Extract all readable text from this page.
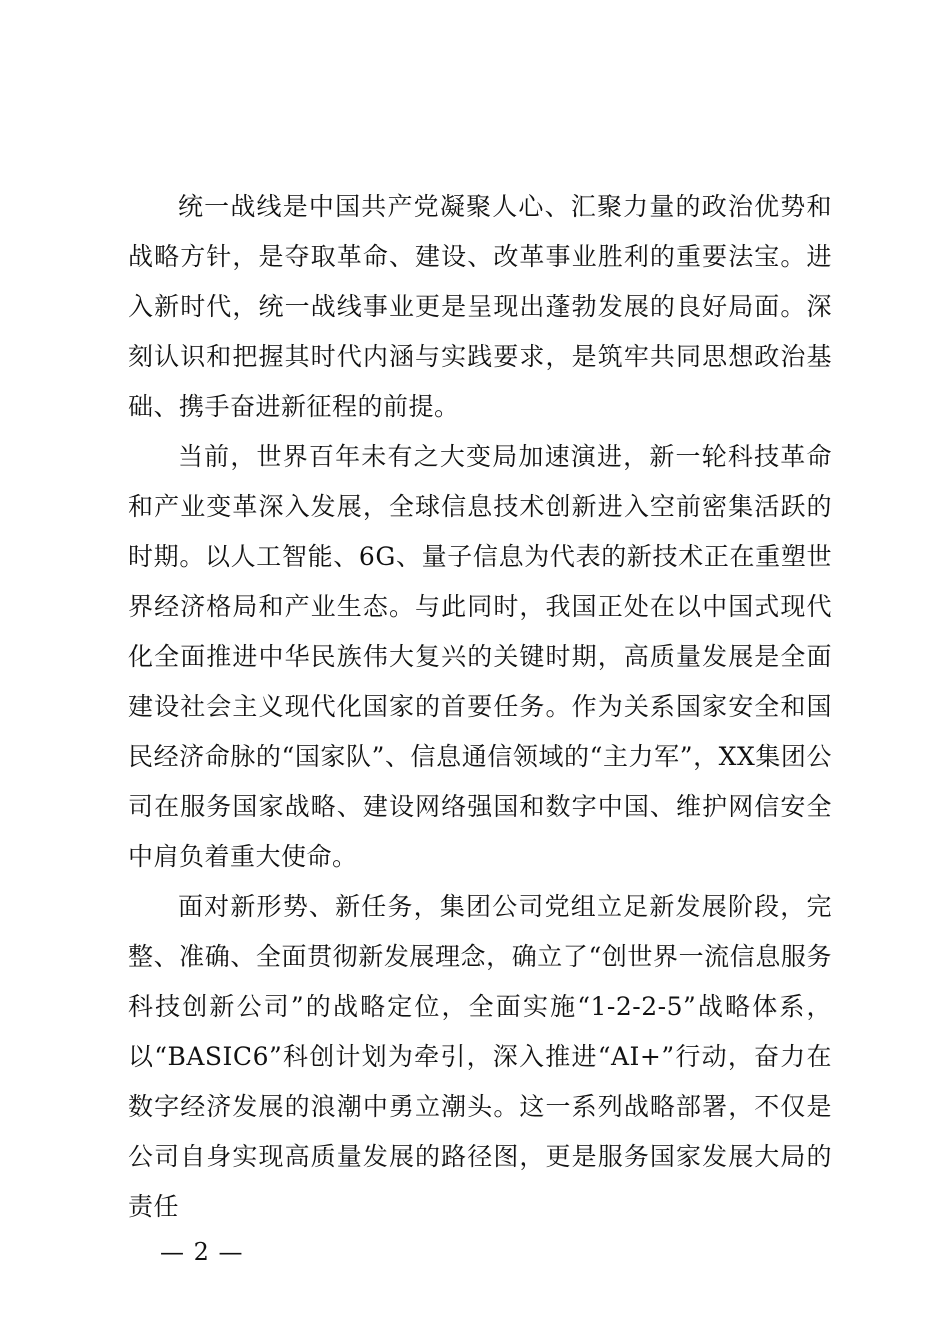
统一战线是中国共产党凝聚人心、汇聚力量的政治优势和战略方针，是夺取革命、建设、改革事业胜利的重要法宝。进入新时代，统一战线事业更是呈现出蓬勃发展的良好局面。深刻认识和把握其时代内涵与实践要求，是筑牢共同思想政治基础、携手奋进新征程的前提。

当前，世界百年未有之大变局加速演进，新一轮科技革命和产业变革深入发展，全球信息技术创新进入空前密集活跃的时期。以人工智能、6G、量子信息为代表的新技术正在重塑世界经济格局和产业生态。与此同时，我国正处在以中国式现代化全面推进中华民族伟大复兴的关键时期，高质量发展是全面建设社会主义现代化国家的首要任务。作为关系国家安全和国民经济命脉的“国家队”、信息通信领域的“主力军”，XX集团公司在服务国家战略、建设网络强国和数字中国、维护网信安全中肩负着重大使命。

面对新形势、新任务，集团公司党组立足新发展阶段，完整、准确、全面贯彻新发展理念，确立了“创世界一流信息服务科技创新公司”的战略定位，全面实施“1-2-2-5”战略体系，以“BASIC6”科创计划为牵引，深入推进“AI+”行动，奋力在数字经济发展的浪潮中勇立潮头。这一系列战略部署，不仅是公司自身实现高质量发展的路径图，更是服务国家发展大局的责任

— 2 —
